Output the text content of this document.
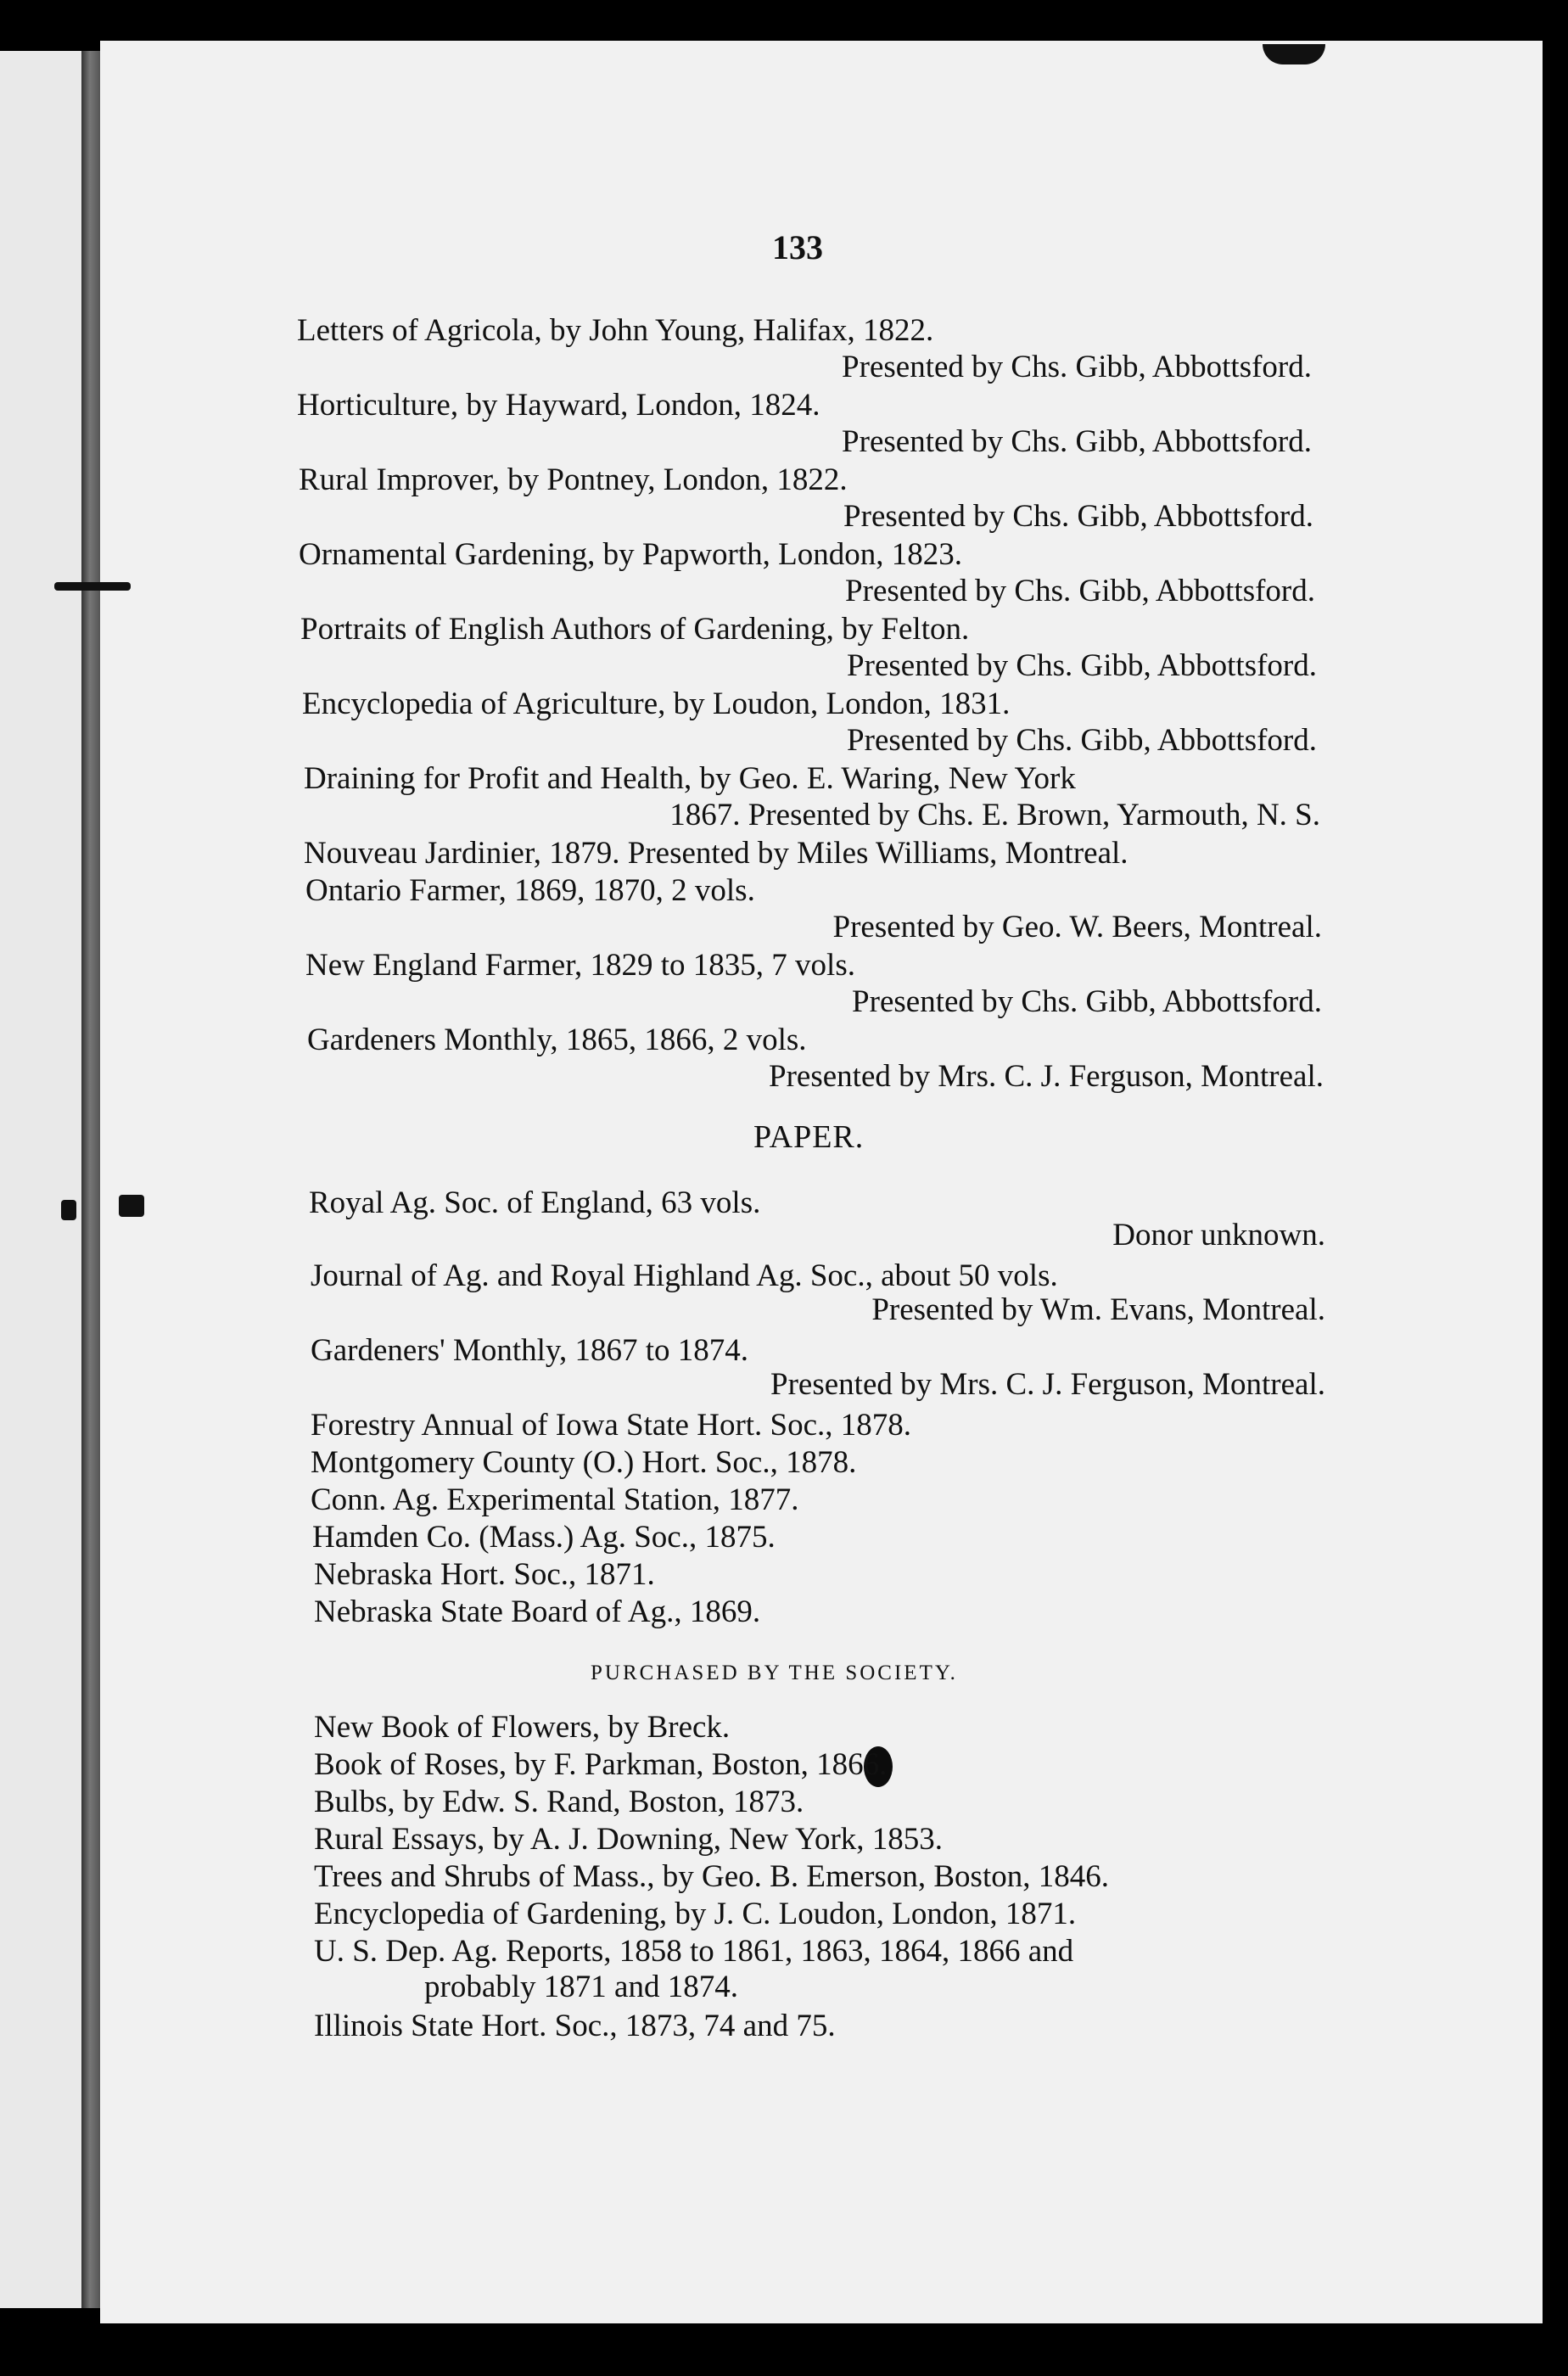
133
Letters of Agricola, by John Young, Halifax, 1822.
Presented by Chs. Gibb, Abbottsford.
Horticulture, by Hayward, London, 1824.
Presented by Chs. Gibb, Abbottsford.
Rural Improver, by Pontney, London, 1822.
Presented by Chs. Gibb, Abbottsford.
Ornamental Gardening, by Papworth, London, 1823.
Presented by Chs. Gibb, Abbottsford.
Portraits of English Authors of Gardening, by Felton.
Presented by Chs. Gibb, Abbottsford.
Encyclopedia of Agriculture, by Loudon, London, 1831.
Presented by Chs. Gibb, Abbottsford.
Draining for Profit and Health, by Geo. E. Waring, New York
1867. Presented by Chs. E. Brown, Yarmouth, N. S.
Nouveau Jardinier, 1879. Presented by Miles Williams, Montreal.
Ontario Farmer, 1869, 1870, 2 vols.
Presented by Geo. W. Beers, Montreal.
New England Farmer, 1829 to 1835, 7 vols.
Presented by Chs. Gibb, Abbottsford.
Gardeners Monthly, 1865, 1866, 2 vols.
Presented by Mrs. C. J. Ferguson, Montreal.
PAPER.
Royal Ag. Soc. of England, 63 vols.
Donor unknown.
Journal of Ag. and Royal Highland Ag. Soc., about 50 vols.
Presented by Wm. Evans, Montreal.
Gardeners' Monthly, 1867 to 1874.
Presented by Mrs. C. J. Ferguson, Montreal.
Forestry Annual of Iowa State Hort. Soc., 1878.
Montgomery County (O.) Hort. Soc., 1878.
Conn. Ag. Experimental Station, 1877.
Hamden Co. (Mass.) Ag. Soc., 1875.
Nebraska Hort. Soc., 1871.
Nebraska State Board of Ag., 1869.
PURCHASED BY THE SOCIETY.
New Book of Flowers, by Breck.
Book of Roses, by F. Parkman, Boston, 1866.
Bulbs, by Edw. S. Rand, Boston, 1873.
Rural Essays, by A. J. Downing, New York, 1853.
Trees and Shrubs of Mass., by Geo. B. Emerson, Boston, 1846.
Encyclopedia of Gardening, by J. C. Loudon, London, 1871.
U. S. Dep. Ag. Reports, 1858 to 1861, 1863, 1864, 1866 and
probably 1871 and 1874.
Illinois State Hort. Soc., 1873, 74 and 75.
